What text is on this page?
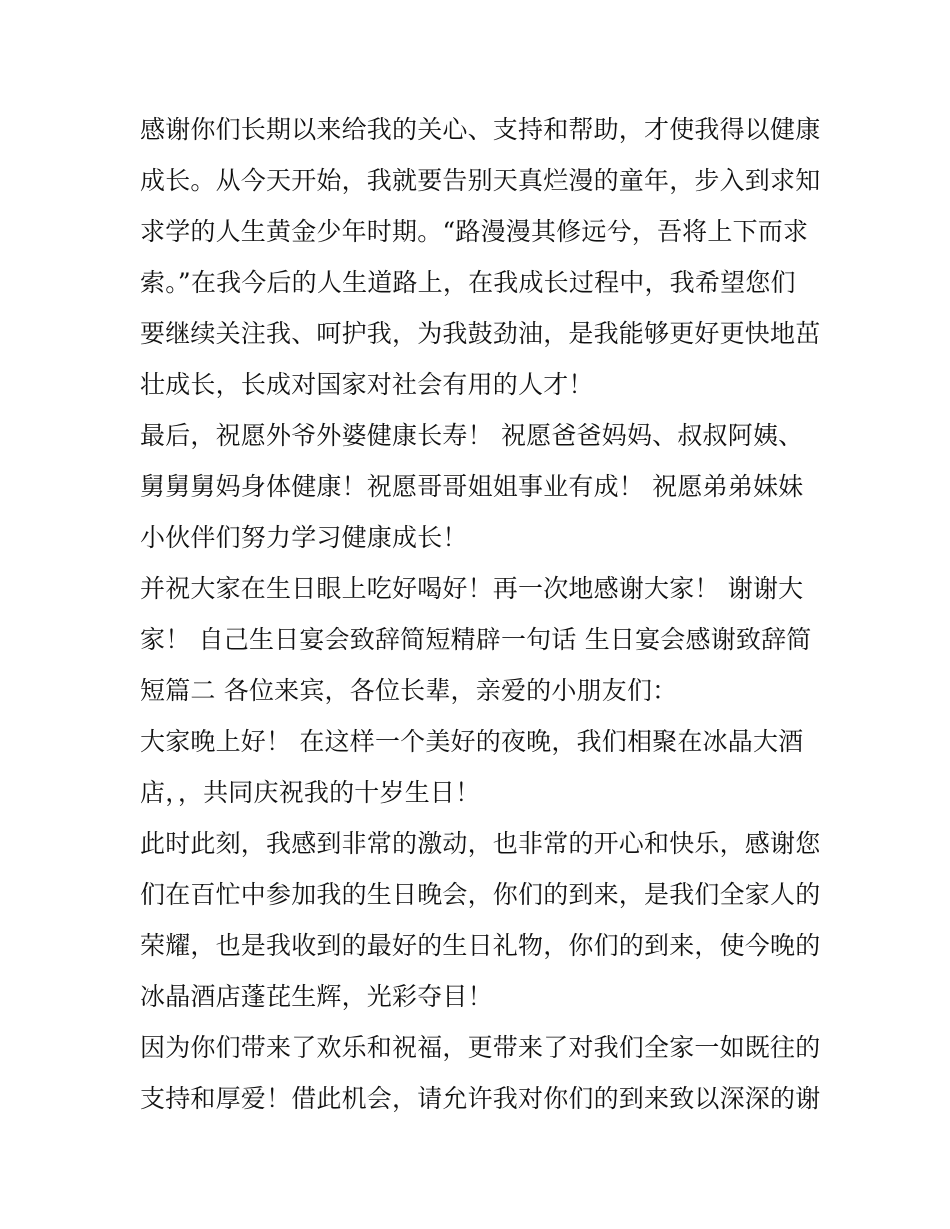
感谢你们长期以来给我的关心、支持和帮助，才使我得以健康
成长。从今天开始，我就要告别天真烂漫的童年，步入到求知
求学的人生黄金少年时期。“路漫漫其修远兮，吾将上下而求
索。”在我今后的人生道路上，在我成长过程中，我希望您们
要继续关注我、呵护我，为我鼓劲油，是我能够更好更快地茁
壮成长，长成对国家对社会有用的人才！
最后，祝愿外爷外婆健康长寿！ 祝愿爸爸妈妈、叔叔阿姨、
舅舅舅妈身体健康！祝愿哥哥姐姐事业有成！ 祝愿弟弟妹妹
小伙伴们努力学习健康成长！
并祝大家在生日眼上吃好喝好！再一次地感谢大家！ 谢谢大
家！ 自己生日宴会致辞简短精辟一句话 生日宴会感谢致辞简
短篇二 各位来宾，各位长辈，亲爱的小朋友们：
大家晚上好！ 在这样一个美好的夜晚，我们相聚在冰晶大酒
店，，共同庆祝我的十岁生日！
此时此刻，我感到非常的激动，也非常的开心和快乐，感谢您
们在百忙中参加我的生日晚会，你们的到来，是我们全家人的
荣耀，也是我收到的最好的生日礼物，你们的到来，使今晚的
冰晶酒店蓬芘生辉，光彩夺目！
因为你们带来了欢乐和祝福，更带来了对我们全家一如既往的
支持和厚爱！借此机会，请允许我对你们的到来致以深深的谢
